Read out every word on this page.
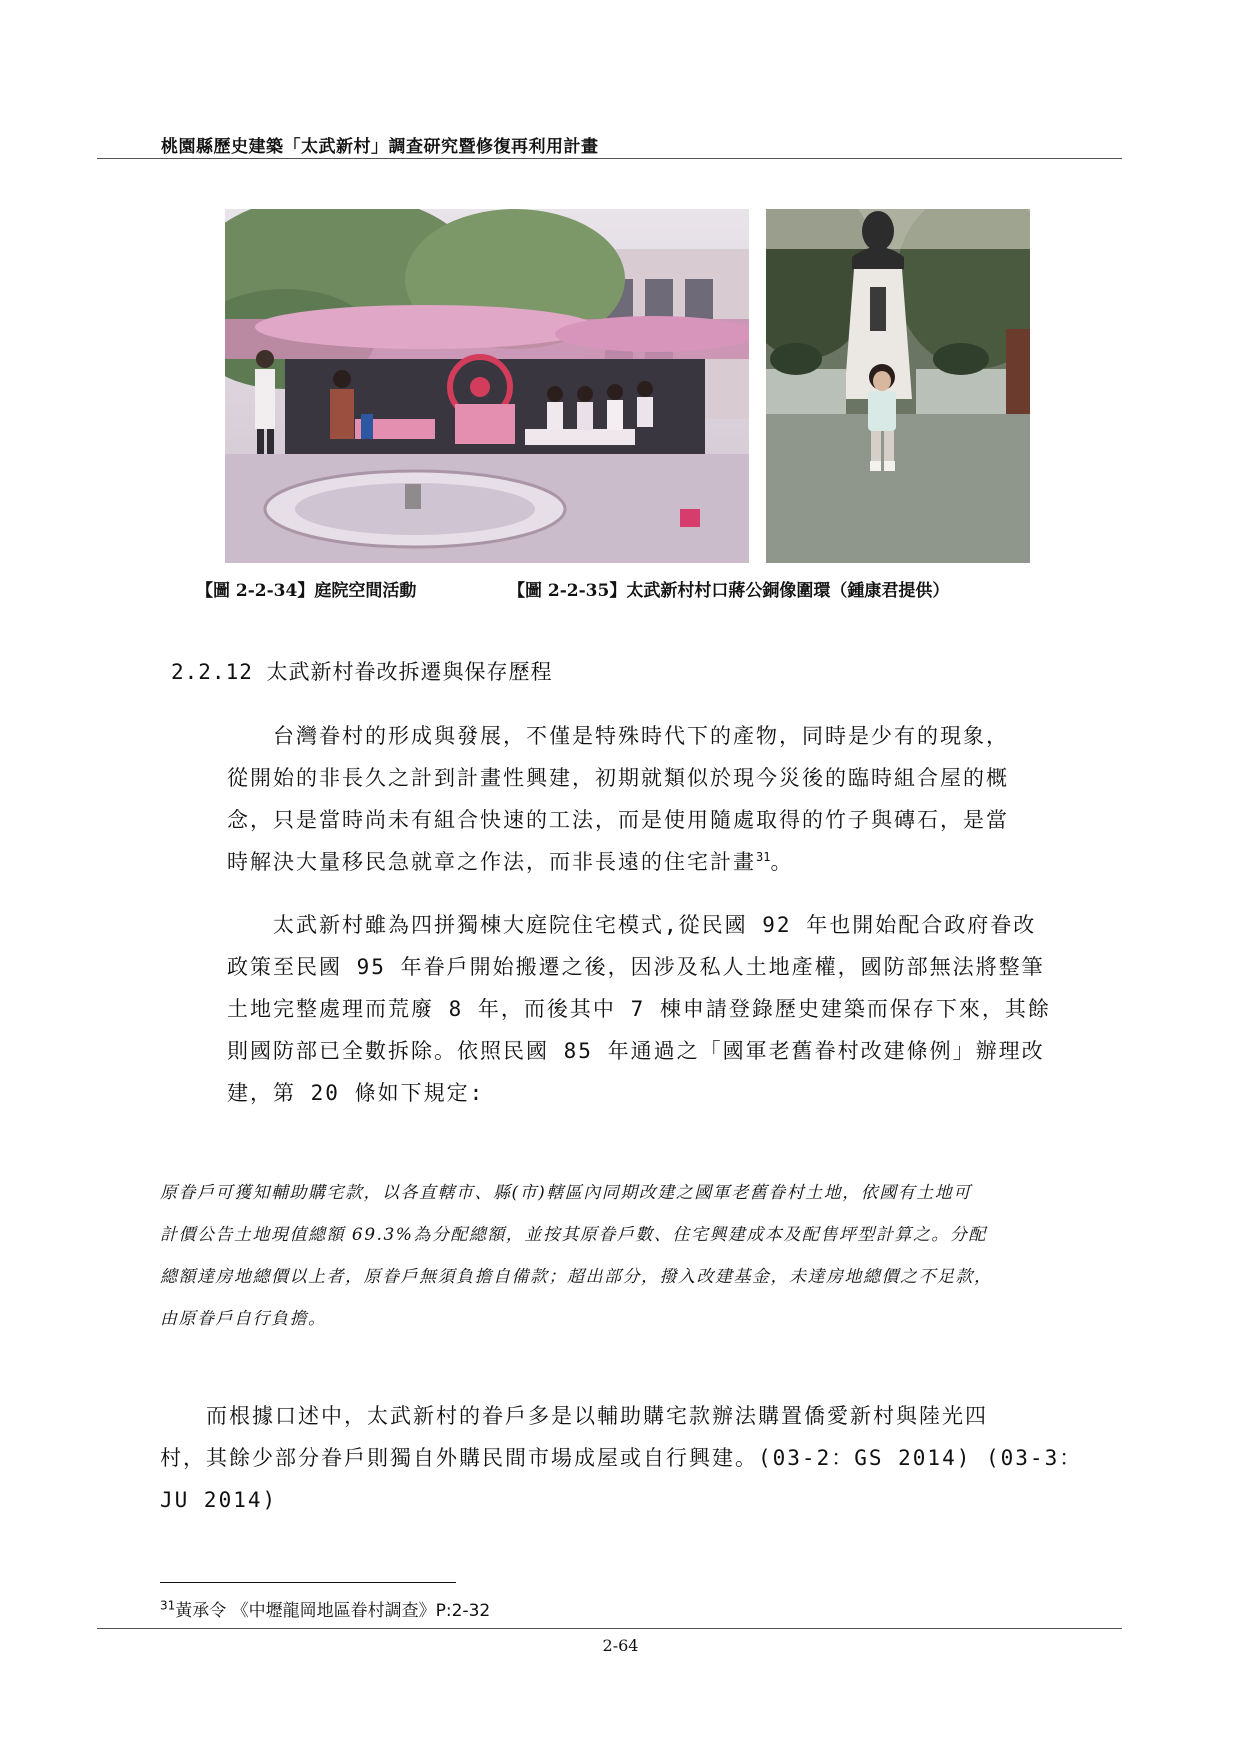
桃園縣歷史建築「太武新村」調查研究暨修復再利用計畫
【圖 2-2-34】庭院空間活動	【圖 2-2-35】太武新村村口蔣公銅像圍環（鍾康君提供）
2.2.12 太武新村眷改拆遷與保存歷程

　　台灣眷村的形成與發展，不僅是特殊時代下的產物，同時是少有的現象，
從開始的非長久之計到計畫性興建，初期就類似於現今災後的臨時組合屋的概
念，只是當時尚未有組合快速的工法，而是使用隨處取得的竹子與磚石，是當
時解決大量移民急就章之作法，而非長遠的住宅計畫$^{31}$。

　　太武新村雖為四拼獨棟大庭院住宅模式,從民國 92 年也開始配合政府眷改
政策至民國 95 年眷戶開始搬遷之後，因涉及私人土地產權，國防部無法將整筆
土地完整處理而荒廢 8 年，而後其中 7 棟申請登錄歷史建築而保存下來，其餘
則國防部已全數拆除。依照民國 85 年通過之「國軍老舊眷村改建條例」辦理改
建，第 20 條如下規定:

原眷戶可獲知輔助購宅款，以各直轄市、縣(市)轄區內同期改建之國軍老舊眷村土地，依國有土地可
計價公告土地現值總額 69.3%為分配總額，並按其原眷戶數、住宅興建成本及配售坪型計算之。分配
總額達房地總價以上者，原眷戶無須負擔自備款；超出部分，撥入改建基金，未達房地總價之不足款，
由原眷戶自行負擔。

　　而根據口述中，太武新村的眷戶多是以輔助購宅款辦法購置僑愛新村與陸光四
村，其餘少部分眷戶則獨自外購民間市場成屋或自行興建。(03-2：GS 2014) (03-3：
JU 2014)

$^{31}$黃承令 《中壢龍岡地區眷村調查》P:2-32
2-64
